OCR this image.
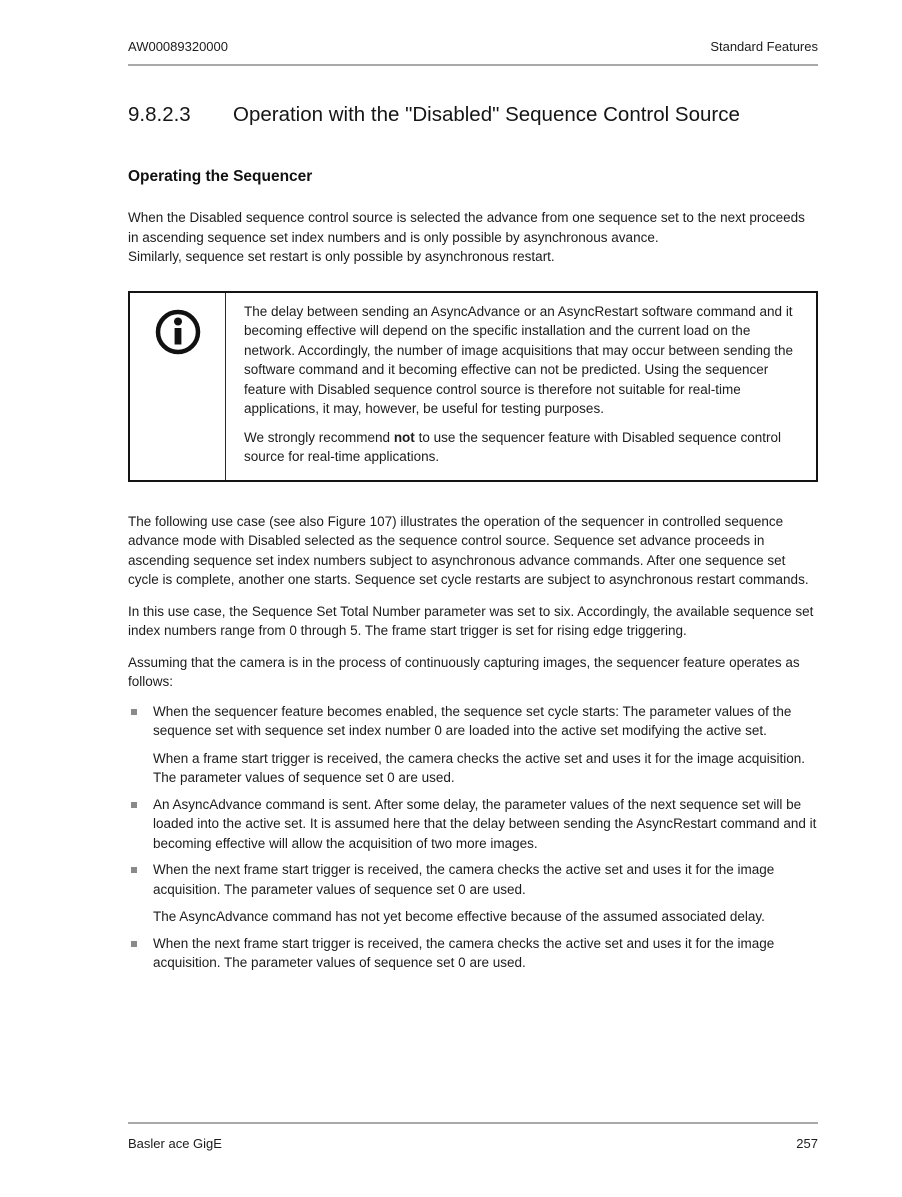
AW00089320000	Standard Features
9.8.2.3	Operation with the "Disabled" Sequence Control Source
Operating the Sequencer

When the Disabled sequence control source is selected the advance from one sequence set to the next proceeds in ascending sequence set index numbers and is only possible by asynchronous avance.

Similarly, sequence set restart is only possible by asynchronous restart.

The delay between sending an AsyncAdvance or an AsyncRestart software command and it becoming effective will depend on the specific installation and the current load on the network. Accordingly, the number of image acquisitions that may occur between sending the software command and it becoming effective can not be predicted. Using the sequencer feature with Disabled sequence control source is therefore not suitable for real-time applications, it may, however, be useful for testing purposes.

We strongly recommend not to use the sequencer feature with Disabled sequence control source for real-time applications.

The following use case (see also Figure 107) illustrates the operation of the sequencer in controlled sequence advance mode with Disabled selected as the sequence control source. Sequence set advance proceeds in ascending sequence set index numbers subject to asynchronous advance commands. After one sequence set cycle is complete, another one starts. Sequence set cycle restarts are subject to asynchronous restart commands.

In this use case, the Sequence Set Total Number parameter was set to six. Accordingly, the available sequence set index numbers range from 0 through 5. The frame start trigger is set for rising edge triggering.

Assuming that the camera is in the process of continuously capturing images, the sequencer feature operates as follows:

When the sequencer feature becomes enabled, the sequence set cycle starts: The parameter values of the sequence set with sequence set index number 0 are loaded into the active set modifying the active set.

When a frame start trigger is received, the camera checks the active set and uses it for the image acquisition. The parameter values of sequence set 0 are used.

An AsyncAdvance command is sent. After some delay, the parameter values of the next sequence set will be loaded into the active set. It is assumed here that the delay between sending the AsyncRestart command and it becoming effective will allow the acquisition of two more images.

When the next frame start trigger is received, the camera checks the active set and uses it for the image acquisition. The parameter values of sequence set 0 are used.

The AsyncAdvance command has not yet become effective because of the assumed associated delay.

When the next frame start trigger is received, the camera checks the active set and uses it for the image acquisition. The parameter values of sequence set 0 are used.

Basler ace GigE	257
